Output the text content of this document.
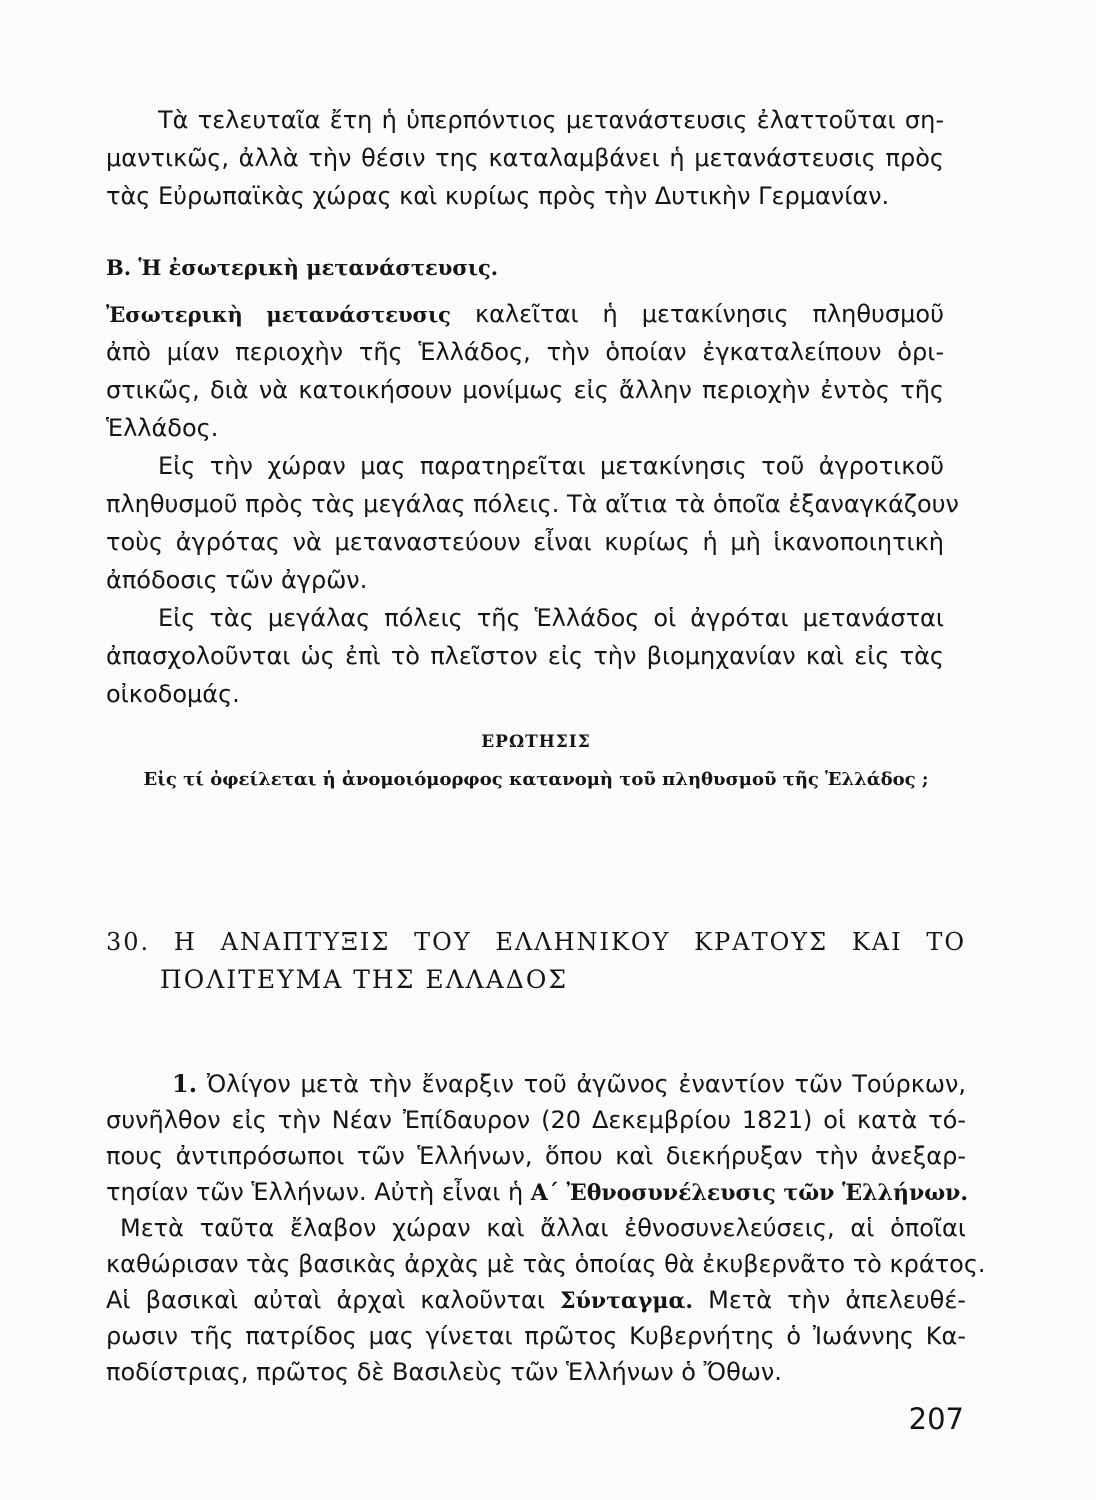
Τὰ τελευταῖα ἔτη ἡ ὑπερπόντιος μετανάστευσις ἐλαττοῦται ση-
μαντικῶς, ἀλλὰ τὴν θέσιν της καταλαμβάνει ἡ μετανάστευσις πρὸς
τὰς Εὐρωπαϊκὰς χώρας καὶ κυρίως πρὸς τὴν Δυτικὴν Γερμανίαν.
Β. Ἡ ἐσωτερικὴ μετανάστευσις.
Ἐσωτερικὴ μετανάστευσις καλεῖται ἡ μετακίνησις πληθυσμοῦ
ἀπὸ μίαν περιοχὴν τῆς Ἑλλάδος, τὴν ὁποίαν ἐγκαταλείπουν ὁρι-
στικῶς, διὰ νὰ κατοικήσουν μονίμως εἰς ἄλλην περιοχὴν ἐντὸς τῆς
Ἑλλάδος.
Εἰς τὴν χώραν μας παρατηρεῖται μετακίνησις τοῦ ἀγροτικοῦ
πληθυσμοῦ πρὸς τὰς μεγάλας πόλεις. Τὰ αἴτια τὰ ὁποῖα ἐξαναγκάζουν
τοὺς ἀγρότας νὰ μεταναστεύουν εἶναι κυρίως ἡ μὴ ἱκανοποιητικὴ
ἀπόδοσις τῶν ἀγρῶν.
Εἰς τὰς μεγάλας πόλεις τῆς Ἑλλάδος οἱ ἀγρόται μετανάσται
ἀπασχολοῦνται ὡς ἐπὶ τὸ πλεῖστον εἰς τὴν βιομηχανίαν καὶ εἰς τὰς
οἰκοδομάς.
ΕΡΩΤΗΣΙΣ
Εἰς τί ὀφείλεται ἡ ἀνομοιόμορφος κατανομὴ τοῦ πληθυσμοῦ τῆς Ἑλλάδος ;
30. Η ΑΝΑΠΤΥΞΙΣ ΤΟΥ ΕΛΛΗΝΙΚΟΥ ΚΡΑΤΟΥΣ ΚΑΙ ΤΟ
ΠΟΛΙΤΕΥΜΑ ΤΗΣ ΕΛΛΑΔΟΣ
1. Ὀλίγον μετὰ τὴν ἔναρξιν τοῦ ἀγῶνος ἐναντίον τῶν Τούρκων,
συνῆλθον εἰς τὴν Νέαν Ἐπίδαυρον (20 Δεκεμβρίου 1821) οἱ κατὰ τό-
πους ἀντιπρόσωποι τῶν Ἑλλήνων, ὅπου καὶ διεκήρυξαν τὴν ἀνεξαρ-
τησίαν τῶν Ἑλλήνων. Αὐτὴ εἶναι ἡ Α΄ Ἐθνοσυνέλευσις τῶν Ἑλλήνων.
Μετὰ ταῦτα ἔλαβον χώραν καὶ ἄλλαι ἐθνοσυνελεύσεις, αἱ ὁποῖαι
καθώρισαν τὰς βασικὰς ἀρχὰς μὲ τὰς ὁποίας θὰ ἐκυβερνᾶτο τὸ κράτος.
Αἱ βασικαὶ αὐταὶ ἀρχαὶ καλοῦνται Σύνταγμα. Μετὰ τὴν ἀπελευθέ-
ρωσιν τῆς πατρίδος μας γίνεται πρῶτος Κυβερνήτης ὁ Ἰωάννης Κα-
ποδίστριας, πρῶτος δὲ Βασιλεὺς τῶν Ἑλλήνων ὁ Ὄθων.
207
